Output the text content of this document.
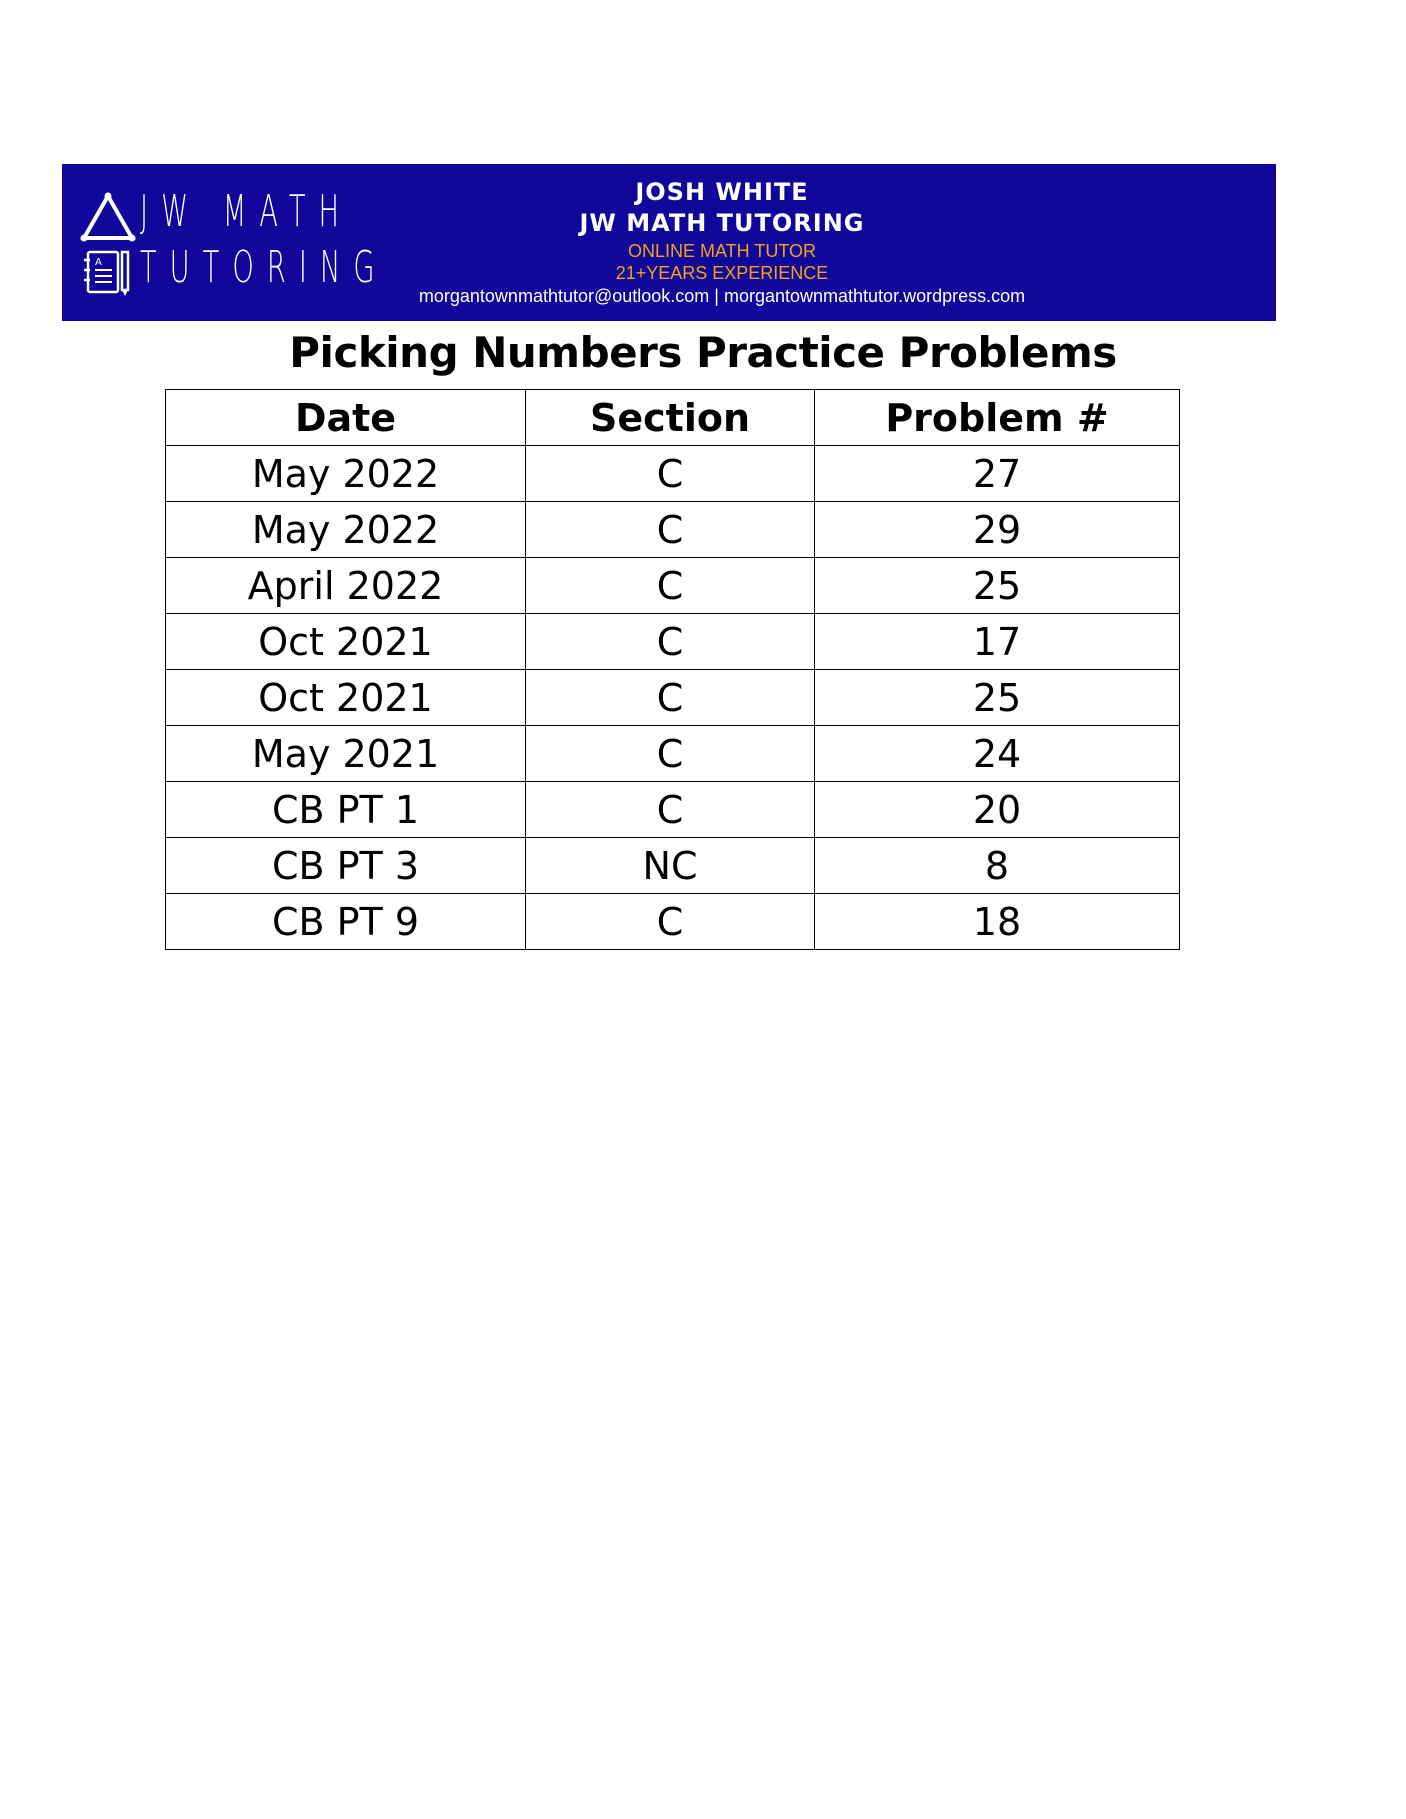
A
JW MATH
TUTORING
JOSH WHITE
JW MATH TUTORING
ONLINE MATH TUTOR
21+YEARS EXPERIENCE
morgantownmathtutor@outlook.com | morgantownmathtutor.wordpress.com
Picking Numbers Practice Problems
Date	Section	Problem #
May 2022	C	27
May 2022	C	29
April 2022	C	25
Oct 2021	C	17
Oct 2021	C	25
May 2021	C	24
CB PT 1	C	20
CB PT 3	NC	8
CB PT 9	C	18
